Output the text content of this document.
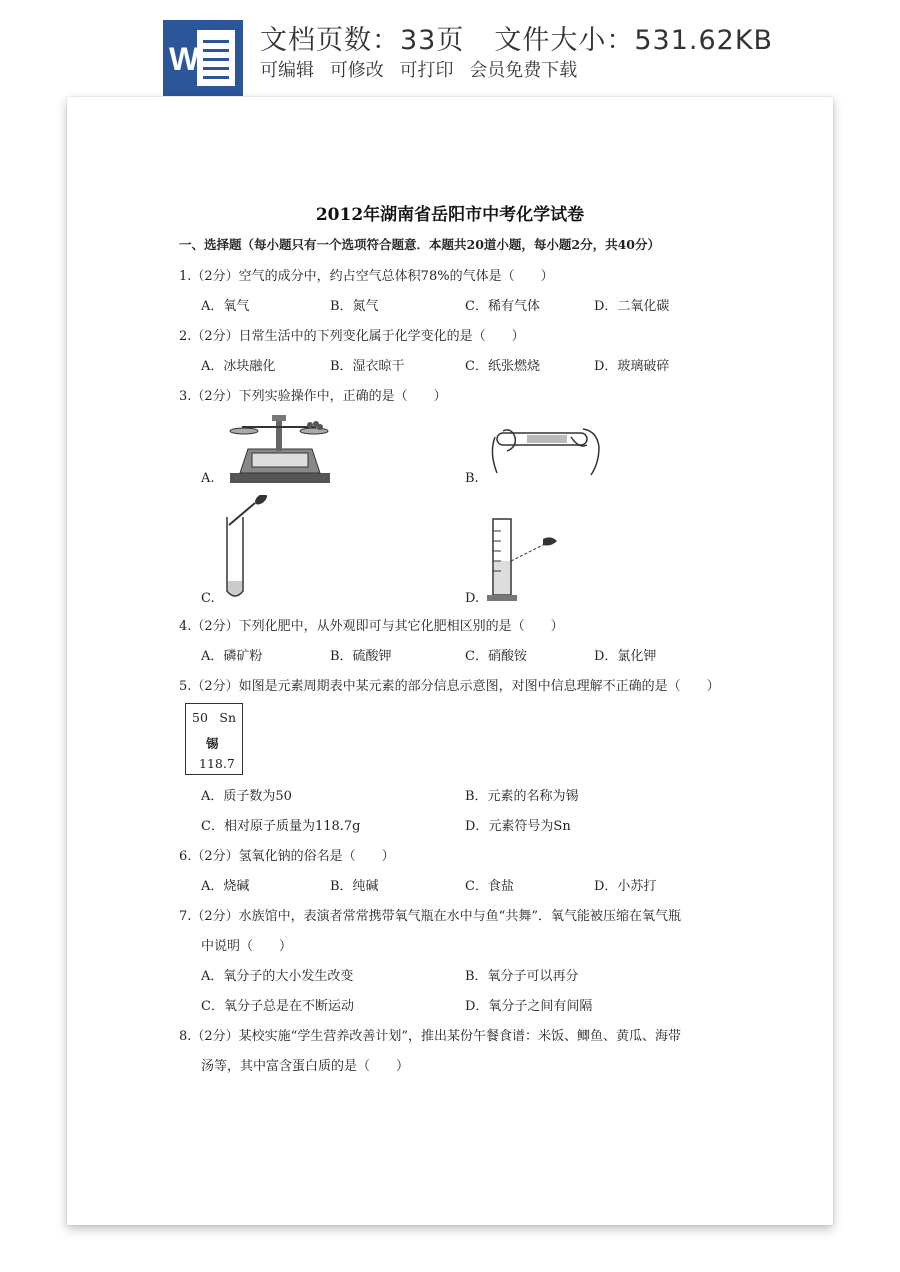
W
文档页数：33页 文件大小：531.62KB
可编辑 可修改 可打印 会员免费下载
2012年湖南省岳阳市中考化学试卷
一、选择题（每小题只有一个选项符合题意．本题共20道小题，每小题2分，共40分）
1.（2分）空气的成分中，约占空气总体积78%的气体是（　　）
A．氧气	B．氮气	C．稀有气体	D．二氧化碳
2.（2分）日常生活中的下列变化属于化学变化的是（　　）
A．冰块融化	B．湿衣晾干	C．纸张燃烧	D．玻璃破碎
3.（2分）下列实验操作中，正确的是（　　）
A.	B.
C.	D.
4.（2分）下列化肥中，从外观即可与其它化肥相区别的是（　　）
A．磷矿粉	B．硫酸钾	C．硝酸铵	D．氯化钾
5.（2分）如图是元素周期表中某元素的部分信息示意图，对图中信息理解不正确的是（　　）
50 Sn
锡
118.7
A．质子数为50	B．元素的名称为锡
C．相对原子质量为118.7g	D．元素符号为Sn
6.（2分）氢氧化钠的俗名是（　　）
A．烧碱	B．纯碱	C．食盐	D．小苏打
7.（2分）水族馆中，表演者常常携带氧气瓶在水中与鱼“共舞”．氧气能被压缩在氧气瓶
中说明（　　）
A．氧分子的大小发生改变	B．氧分子可以再分
C．氧分子总是在不断运动	D．氧分子之间有间隔
8.（2分）某校实施“学生营养改善计划”，推出某份午餐食谱：米饭、鲫鱼、黄瓜、海带
汤等，其中富含蛋白质的是（　　）
